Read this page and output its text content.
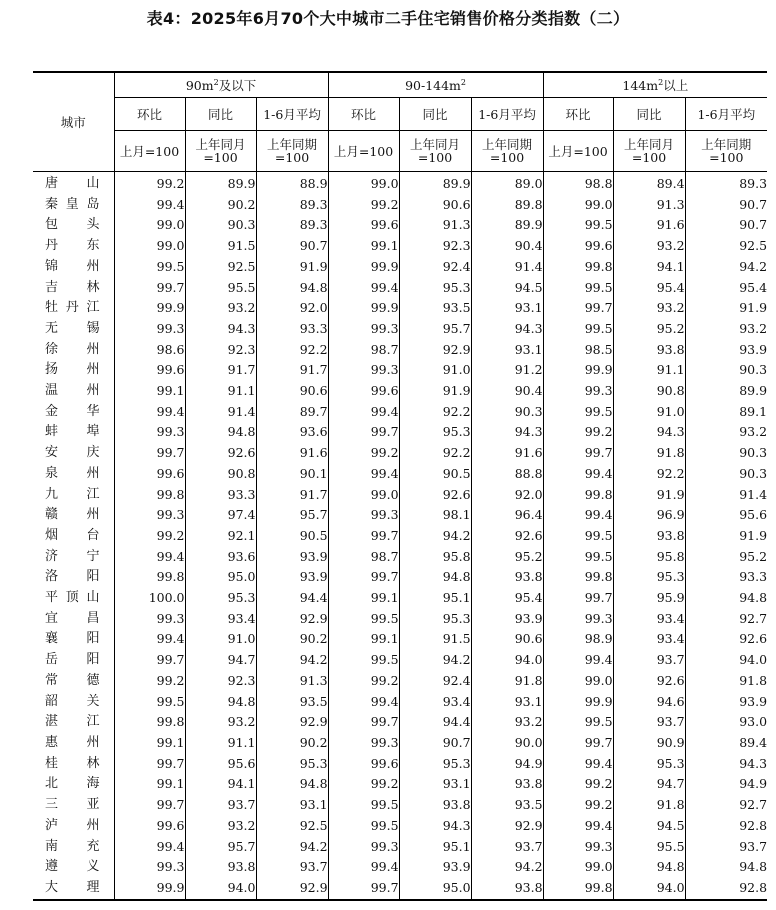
表4：2025年6月70个大中城市二手住宅销售价格分类指数（二）
城市	$90m^2$及以下			$90-144m^2$			$144m^2$以上		
	环比	同比	1-6月平均	环比	同比	1-6月平均	环比	同比	1-6月平均
	上月=100	上年同月=100	上年同期=100	上月=100	上年同月=100	上年同期=100	上月=100	上年同月=100	上年同期=100
唐山	99.2	89.9	88.9	99.0	89.9	89.0	98.8	89.4	89.3
秦皇岛	99.4	90.2	89.3	99.2	90.6	89.8	99.0	91.3	90.7
包头	99.0	90.3	89.3	99.6	91.3	89.9	99.5	91.6	90.7
丹东	99.0	91.5	90.7	99.1	92.3	90.4	99.6	93.2	92.5
锦州	99.5	92.5	91.9	99.9	92.4	91.4	99.8	94.1	94.2
吉林	99.7	95.5	94.8	99.4	95.3	94.5	99.5	95.4	95.4
牡丹江	99.9	93.2	92.0	99.9	93.5	93.1	99.7	93.2	91.9
无锡	99.3	94.3	93.3	99.3	95.7	94.3	99.5	95.2	93.2
徐州	98.6	92.3	92.2	98.7	92.9	93.1	98.5	93.8	93.9
扬州	99.6	91.7	91.7	99.3	91.0	91.2	99.9	91.1	90.3
温州	99.1	91.1	90.6	99.6	91.9	90.4	99.3	90.8	89.9
金华	99.4	91.4	89.7	99.4	92.2	90.3	99.5	91.0	89.1
蚌埠	99.3	94.8	93.6	99.7	95.3	94.3	99.2	94.3	93.2
安庆	99.7	92.6	91.6	99.2	92.2	91.6	99.7	91.8	90.3
泉州	99.6	90.8	90.1	99.4	90.5	88.8	99.4	92.2	90.3
九江	99.8	93.3	91.7	99.0	92.6	92.0	99.8	91.9	91.4
赣州	99.3	97.4	95.7	99.3	98.1	96.4	99.4	96.9	95.6
烟台	99.2	92.1	90.5	99.7	94.2	92.6	99.5	93.8	91.9
济宁	99.4	93.6	93.9	98.7	95.8	95.2	99.5	95.8	95.2
洛阳	99.8	95.0	93.9	99.7	94.8	93.8	99.8	95.3	93.3
平顶山	100.0	95.3	94.4	99.1	95.1	95.4	99.7	95.9	94.8
宜昌	99.3	93.4	92.9	99.5	95.3	93.9	99.3	93.4	92.7
襄阳	99.4	91.0	90.2	99.1	91.5	90.6	98.9	93.4	92.6
岳阳	99.7	94.7	94.2	99.5	94.2	94.0	99.4	93.7	94.0
常德	99.2	92.3	91.3	99.2	92.4	91.8	99.0	92.6	91.8
韶关	99.5	94.8	93.5	99.4	93.4	93.1	99.9	94.6	93.9
湛江	99.8	93.2	92.9	99.7	94.4	93.2	99.5	93.7	93.0
惠州	99.1	91.1	90.2	99.3	90.7	90.0	99.7	90.9	89.4
桂林	99.7	95.6	95.3	99.6	95.3	94.9	99.4	95.3	94.3
北海	99.1	94.1	94.8	99.2	93.1	93.8	99.2	94.7	94.9
三亚	99.7	93.7	93.1	99.5	93.8	93.5	99.2	91.8	92.7
泸州	99.6	93.2	92.5	99.5	94.3	92.9	99.4	94.5	92.8
南充	99.4	95.7	94.2	99.3	95.1	93.7	99.3	95.5	93.7
遵义	99.3	93.8	93.7	99.4	93.9	94.2	99.0	94.8	94.8
大理	99.9	94.0	92.9	99.7	95.0	93.8	99.8	94.0	92.8
